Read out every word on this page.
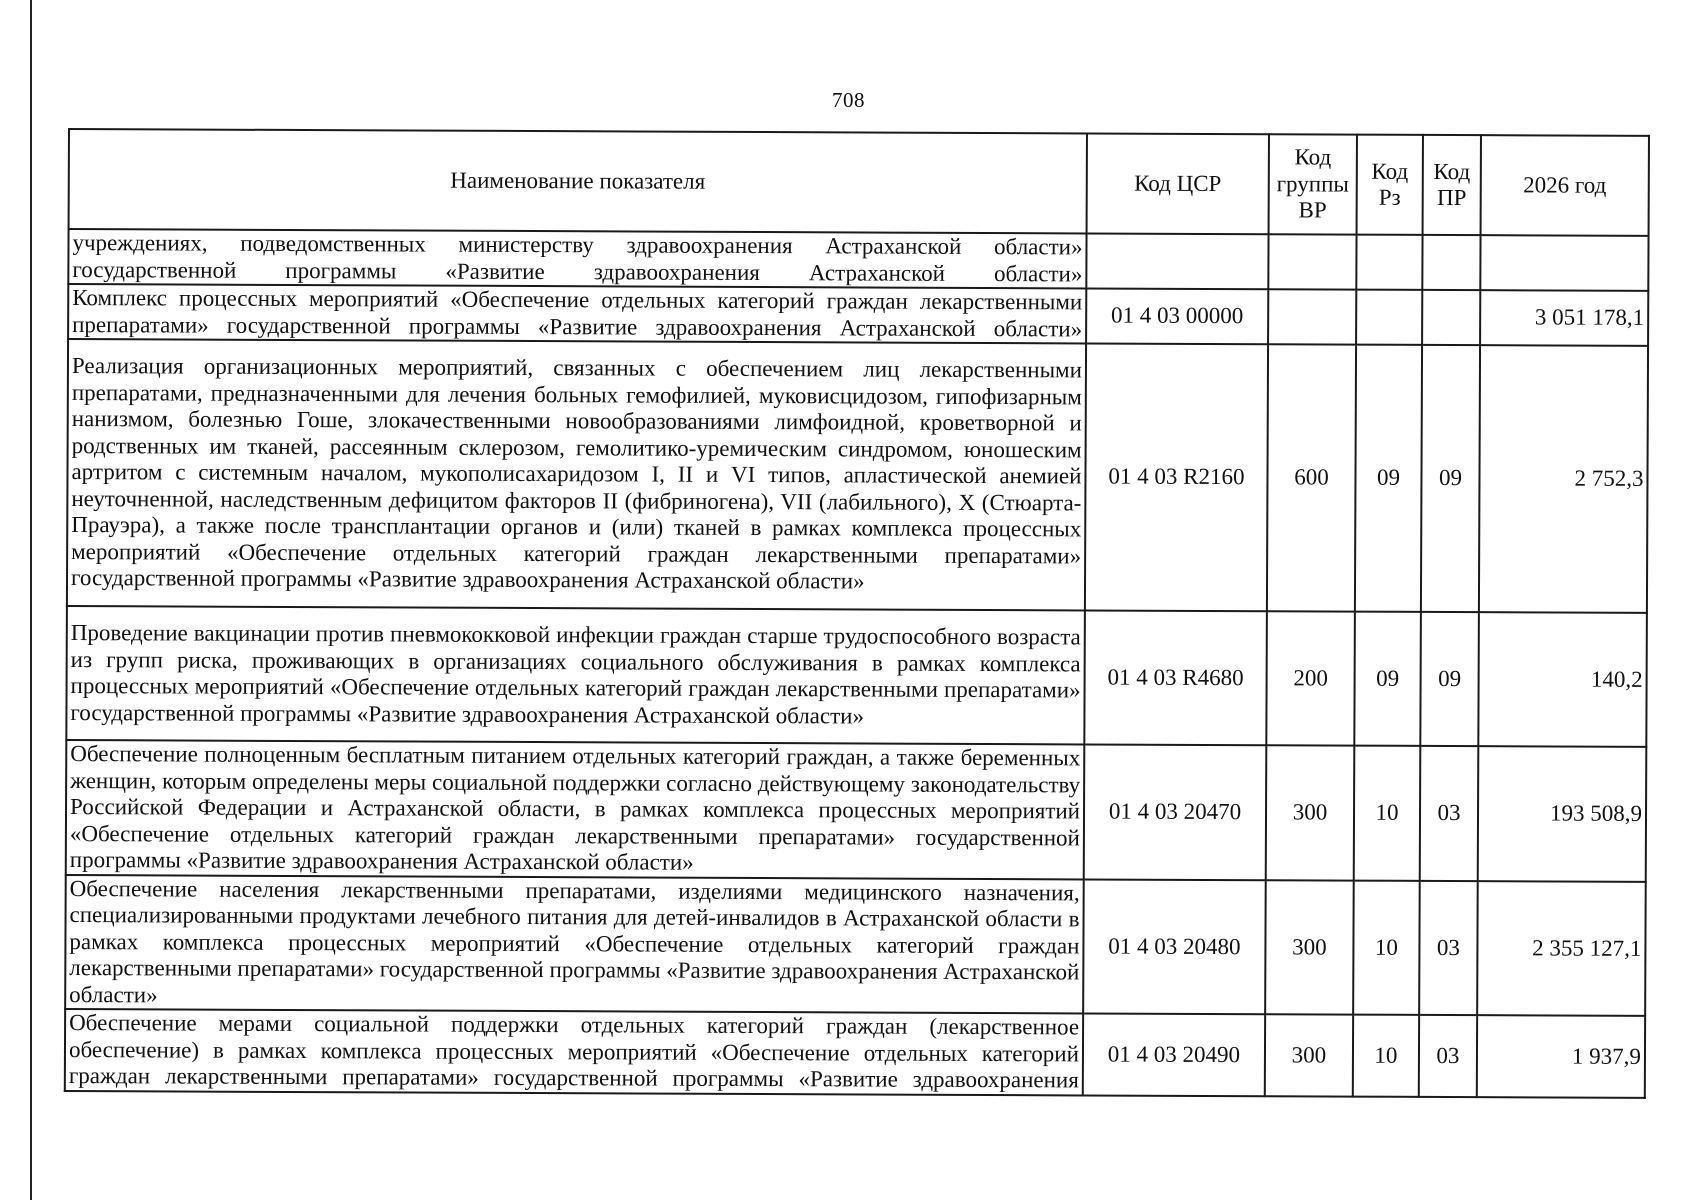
708
Наименование показателя	Код ЦСР	Код группы ВР	Код Рз	Код ПР	2026 год
учреждениях, подведомственных министерству здравоохранения Астраханской области» государственной программы «Развитие здравоохранения Астраханской области»					
Комплекс процессных мероприятий «Обеспечение отдельных категорий граждан лекарственными препаратами» государственной программы «Развитие здравоохранения Астраханской области»	01 4 03 00000				3 051 178,1
Реализация организационных мероприятий, связанных с обеспечением лиц лекарственными препаратами, предназначенными для лечения больных гемофилией, муковисцидозом, гипофизарным нанизмом, болезнью Гоше, злокачественными новообразованиями лимфоидной, кроветворной и родственных им тканей, рассеянным склерозом, гемолитико-уремическим синдромом, юношеским артритом с системным началом, мукополисахаридозом I, II и VI типов, апластической анемией неуточненной, наследственным дефицитом факторов II (фибриногена), VII (лабильного), X (Стюарта-Прауэра), а также после трансплантации органов и (или) тканей в рамках комплекса процессных мероприятий «Обеспечение отдельных категорий граждан лекарственными препаратами» государственной программы «Развитие здравоохранения Астраханской области»	01 4 03 R2160	600	09	09	2 752,3
Проведение вакцинации против пневмококковой инфекции граждан старше трудоспособного возраста из групп риска, проживающих в организациях социального обслуживания в рамках комплекса процессных мероприятий «Обеспечение отдельных категорий граждан лекарственными препаратами» государственной программы «Развитие здравоохранения Астраханской области»	01 4 03 R4680	200	09	09	140,2
Обеспечение полноценным бесплатным питанием отдельных категорий граждан, а также беременных женщин, которым определены меры социальной поддержки согласно действующему законодательству Российской Федерации и Астраханской области, в рамках комплекса процессных мероприятий «Обеспечение отдельных категорий граждан лекарственными препаратами» государственной программы «Развитие здравоохранения Астраханской области»	01 4 03 20470	300	10	03	193 508,9
Обеспечение населения лекарственными препаратами, изделиями медицинского назначения, специализированными продуктами лечебного питания для детей-инвалидов в Астраханской области в рамках комплекса процессных мероприятий «Обеспечение отдельных категорий граждан лекарственными препаратами» государственной программы «Развитие здравоохранения Астраханской области»	01 4 03 20480	300	10	03	2 355 127,1
Обеспечение мерами социальной поддержки отдельных категорий граждан (лекарственное обеспечение) в рамках комплекса процессных мероприятий «Обеспечение отдельных категорий граждан лекарственными препаратами» государственной программы «Развитие здравоохранения	01 4 03 20490	300	10	03	1 937,9
